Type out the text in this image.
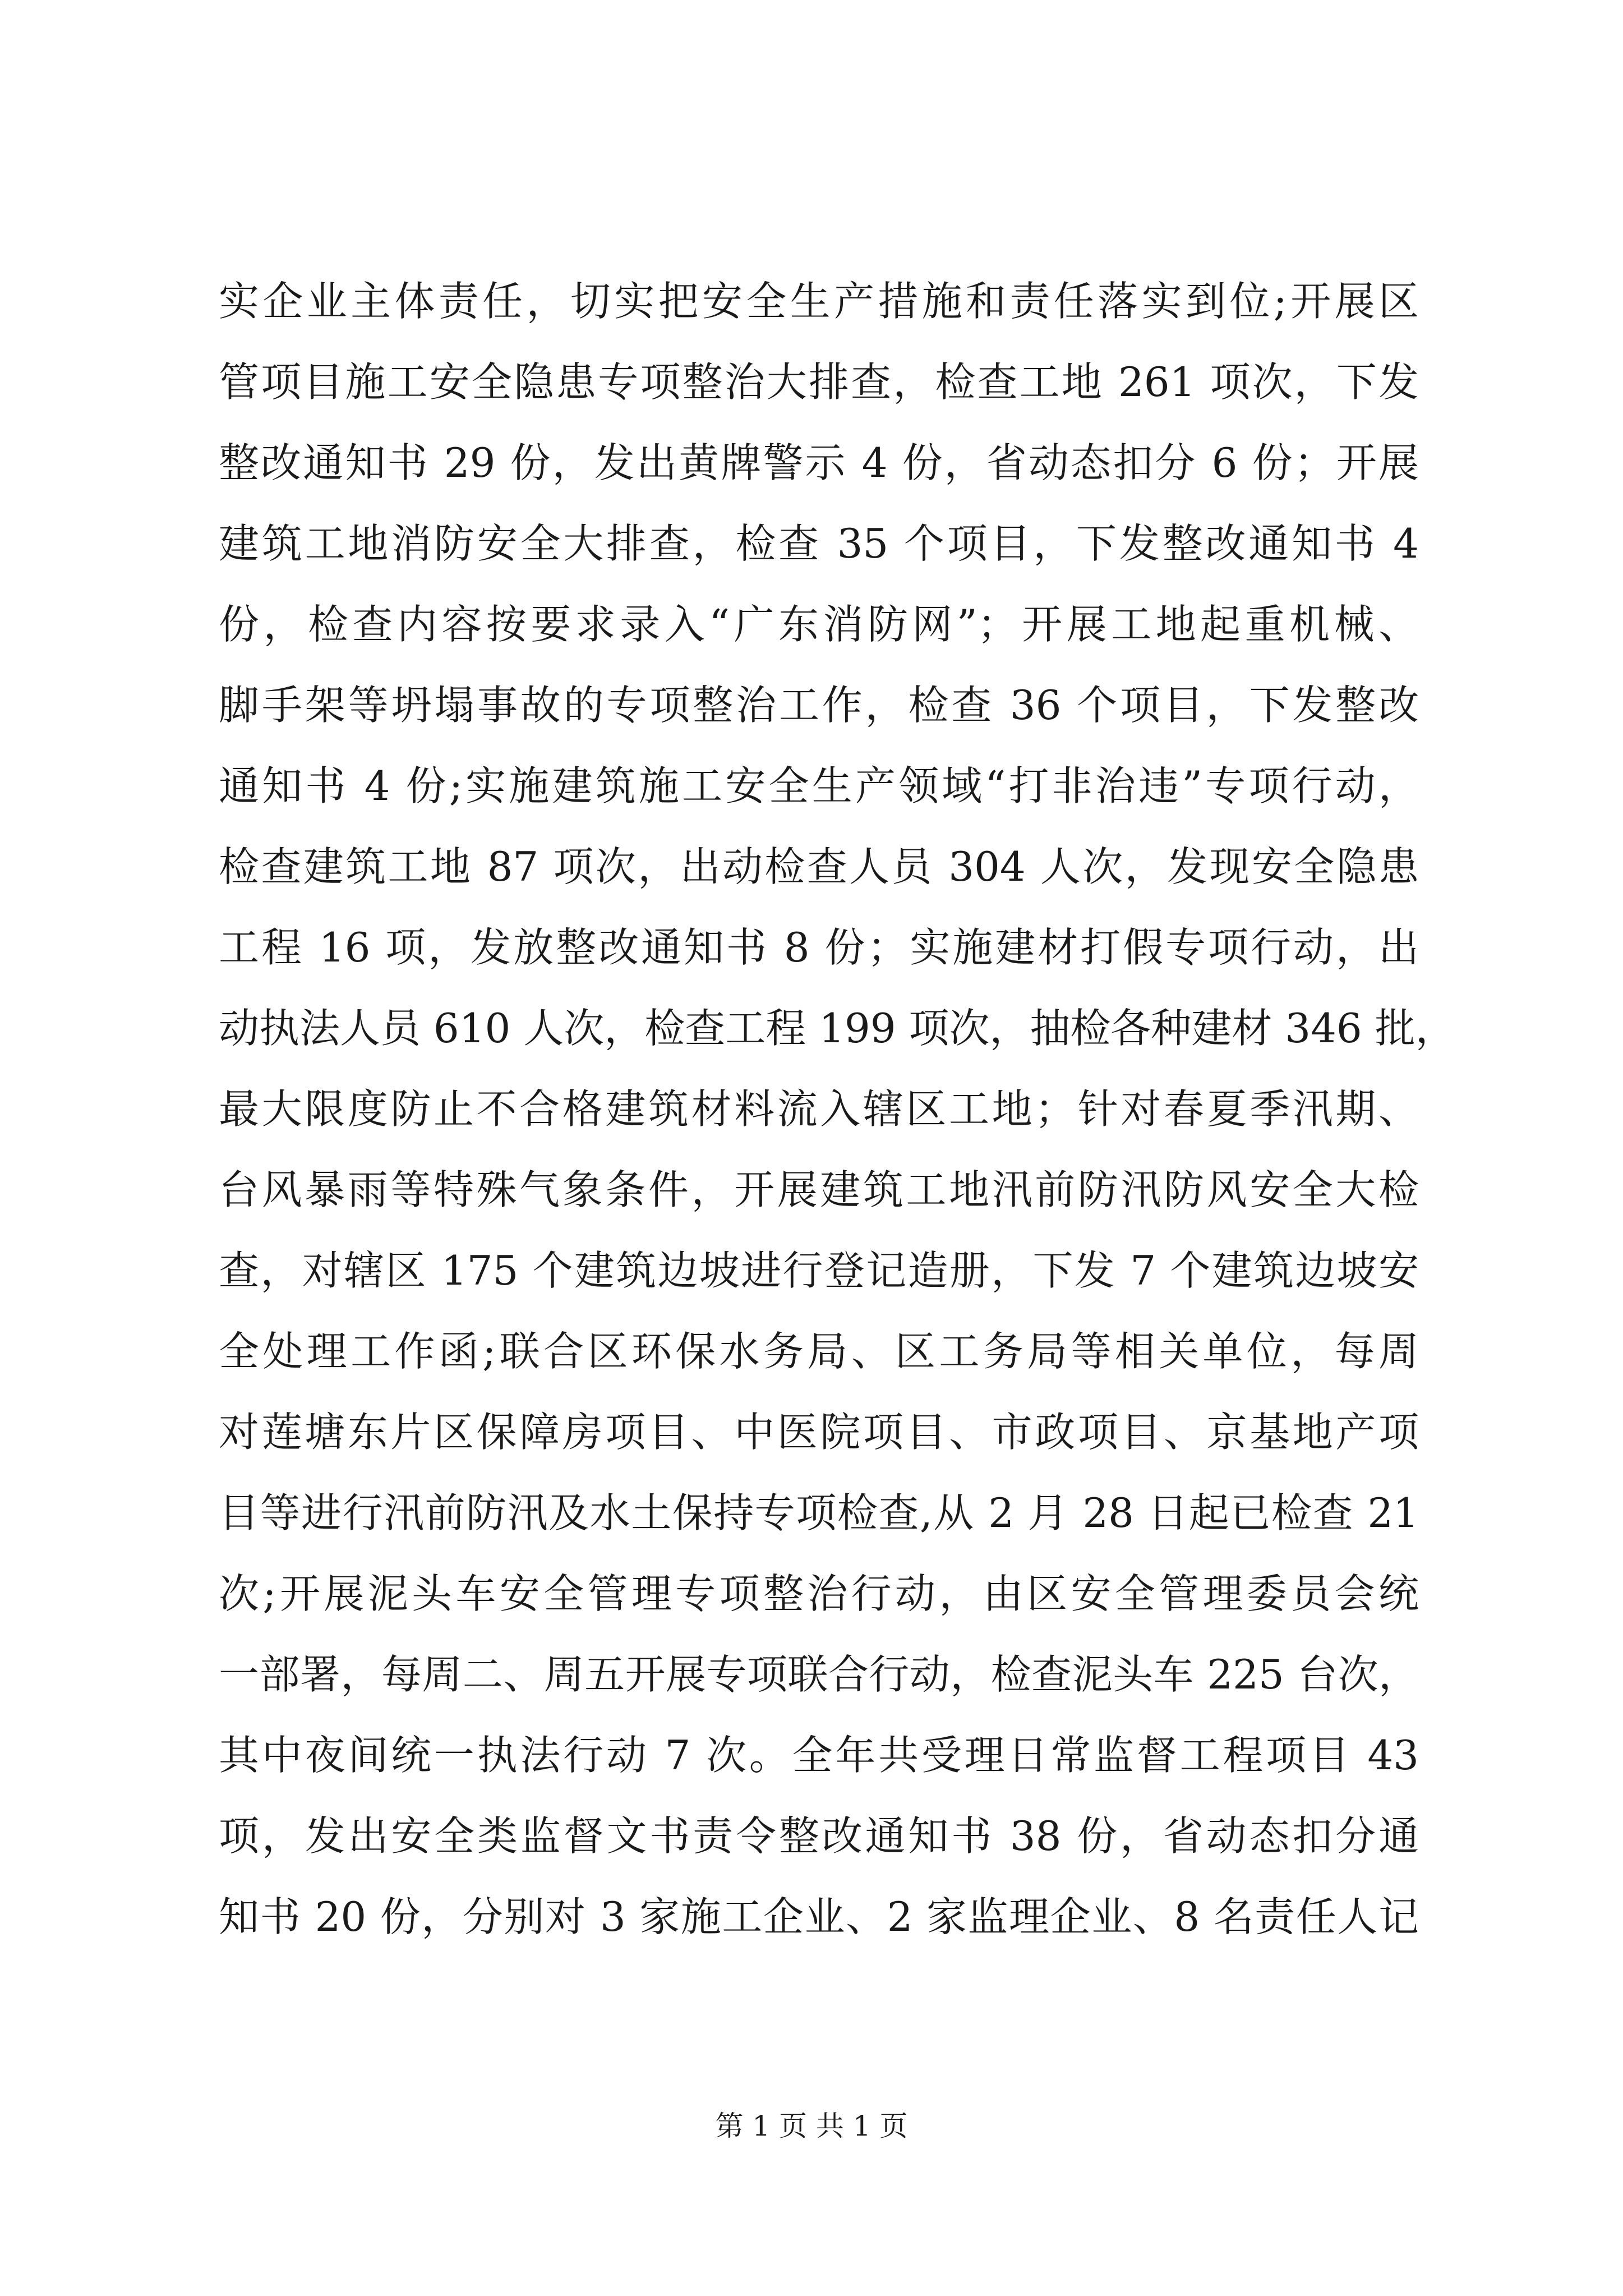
实企业主体责任，切实把安全生产措施和责任落实到位;开展区
管项目施工安全隐患专项整治大排查，检查工地 261 项次，下发
整改通知书 29 份，发出黄牌警示 4 份，省动态扣分 6 份；开展
建筑工地消防安全大排查，检查 35 个项目，下发整改通知书 4
份，检查内容按要求录入“广东消防网”；开展工地起重机械、
脚手架等坍塌事故的专项整治工作，检查 36 个项目，下发整改
通知书 4 份;实施建筑施工安全生产领域“打非治违”专项行动，
检查建筑工地 87 项次，出动检查人员 304 人次，发现安全隐患
工程 16 项，发放整改通知书 8 份；实施建材打假专项行动，出
动执法人员 610 人次，检查工程 199 项次，抽检各种建材 346 批，
最大限度防止不合格建筑材料流入辖区工地；针对春夏季汛期、
台风暴雨等特殊气象条件，开展建筑工地汛前防汛防风安全大检
查，对辖区 175 个建筑边坡进行登记造册，下发 7 个建筑边坡安
全处理工作函;联合区环保水务局、区工务局等相关单位，每周
对莲塘东片区保障房项目、中医院项目、市政项目、京基地产项
目等进行汛前防汛及水土保持专项检查,从 2 月 28 日起已检查 21
次;开展泥头车安全管理专项整治行动，由区安全管理委员会统
一部署，每周二、周五开展专项联合行动，检查泥头车 225 台次，
其中夜间统一执法行动 7 次。全年共受理日常监督工程项目 43
项，发出安全类监督文书责令整改通知书 38 份，省动态扣分通
知书 20 份，分别对 3 家施工企业、2 家监理企业、8 名责任人记
第 1 页 共 1 页
